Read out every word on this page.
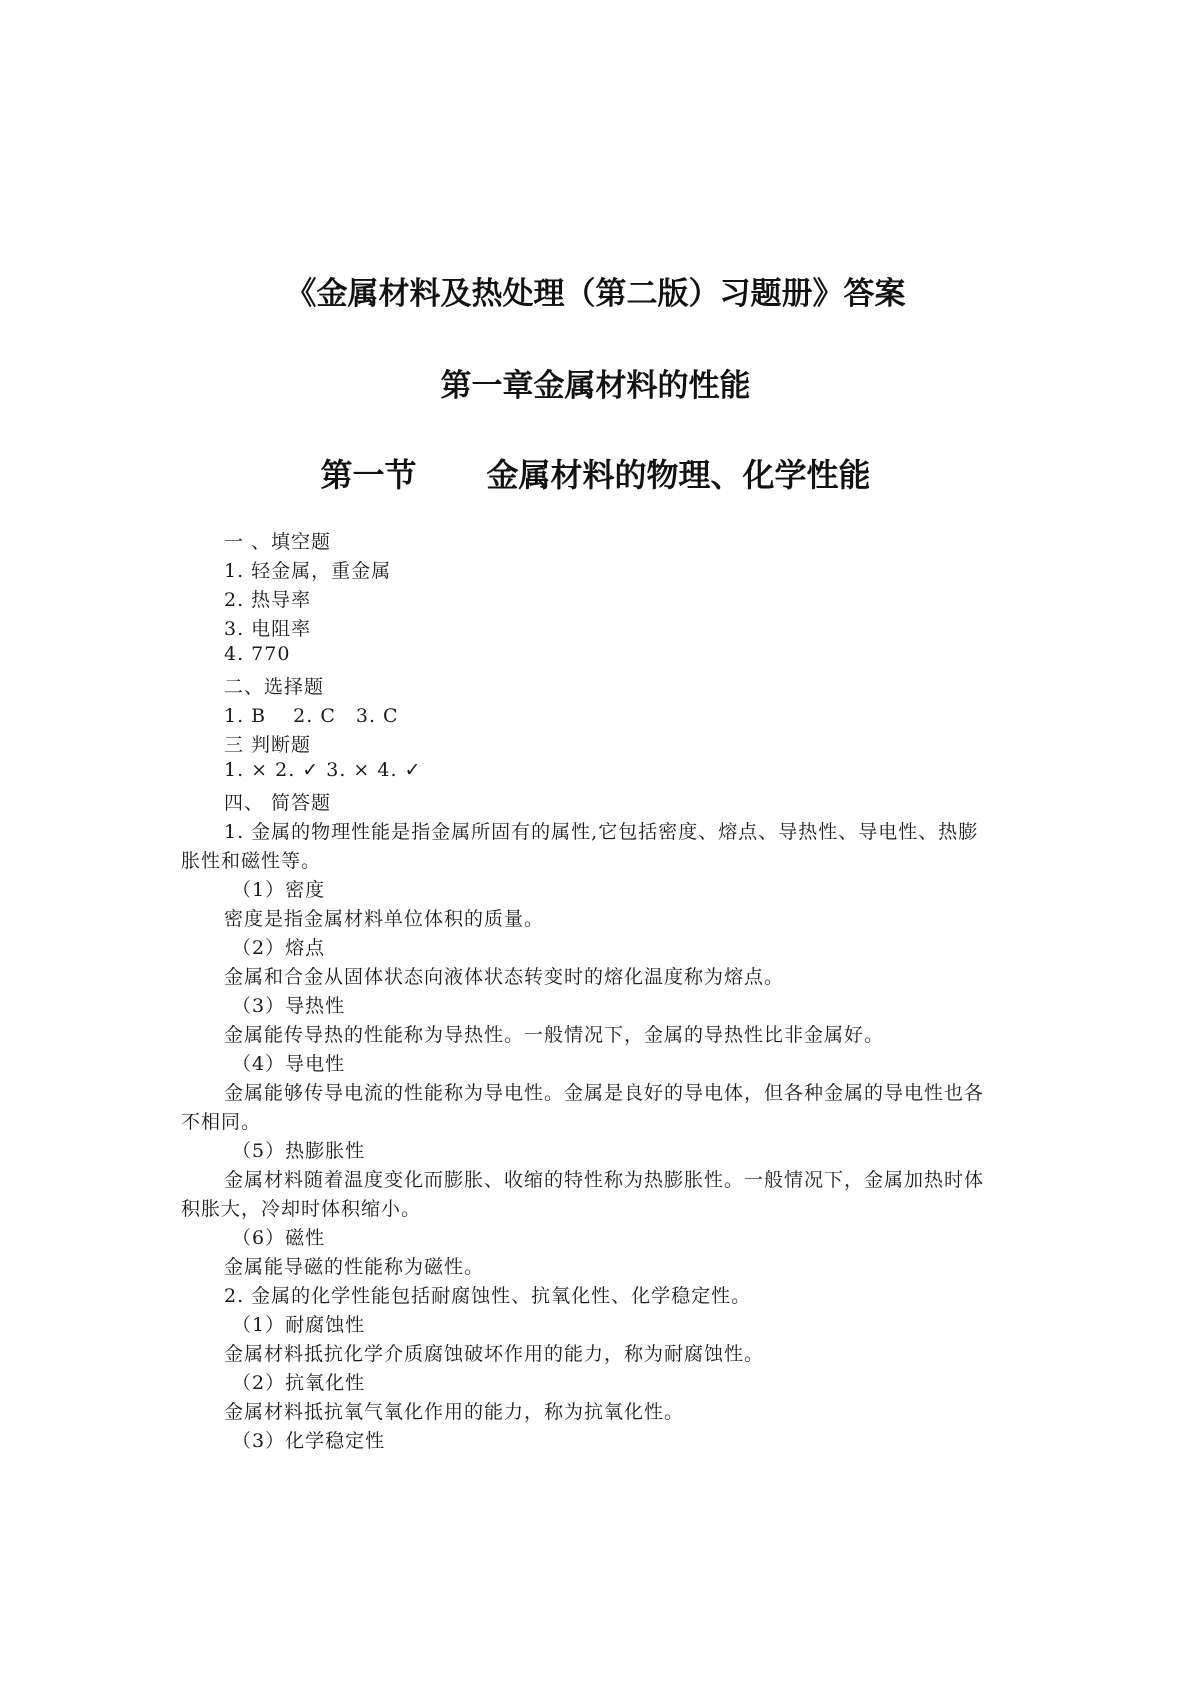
《金属材料及热处理（第二版）习题册》答案
第一章金属材料的性能
第一节 金属材料的物理、化学性能
一 、填空题
1. 轻金属，重金属
2. 热导率
3. 电阻率
4. 770
二、选择题
1. B　 2. C　3. C
三 判断题
1. × 2. ✓ 3. × 4. ✓
四、 简答题
1. 金属的物理性能是指金属所固有的属性,它包括密度、熔点、导热性、导电性、热膨
胀性和磁性等。
（1）密度
密度是指金属材料单位体积的质量。
（2）熔点
金属和合金从固体状态向液体状态转变时的熔化温度称为熔点。
（3）导热性
金属能传导热的性能称为导热性。一般情况下，金属的导热性比非金属好。
（4）导电性
金属能够传导电流的性能称为导电性。金属是良好的导电体，但各种金属的导电性也各
不相同。
（5）热膨胀性
金属材料随着温度变化而膨胀、收缩的特性称为热膨胀性。一般情况下，金属加热时体
积胀大，冷却时体积缩小。
（6）磁性
金属能导磁的性能称为磁性。
2. 金属的化学性能包括耐腐蚀性、抗氧化性、化学稳定性。
（1）耐腐蚀性
金属材料抵抗化学介质腐蚀破坏作用的能力，称为耐腐蚀性。
（2）抗氧化性
金属材料抵抗氧气氧化作用的能力，称为抗氧化性。
（3）化学稳定性
